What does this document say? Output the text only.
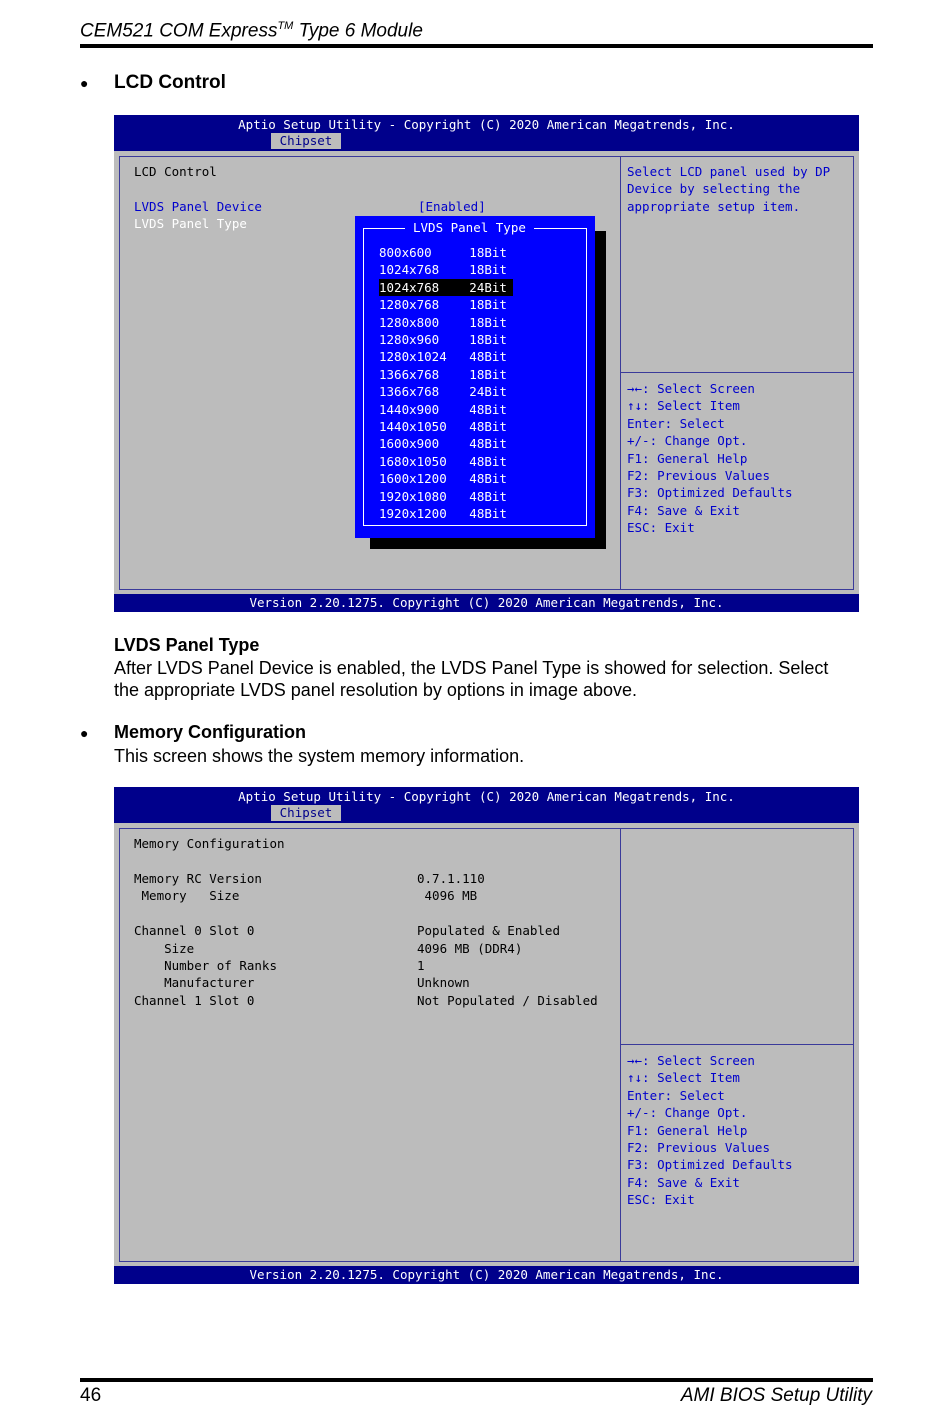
CEM521 COM Express™ Type 6 Module
● LCD Control
Aptio Setup Utility - Copyright (C) 2020 American Megatrends, Inc.
Chipset
LCD Control
LVDS Panel Device	[Enabled]
LVDS Panel Type
Select LCD panel used by DP
Device by selecting the
appropriate setup item.
→←: Select Screen
↑↓: Select Item
Enter: Select
+/-: Change Opt.
F1: General Help
F2: Previous Values
F3: Optimized Defaults
F4: Save & Exit
ESC: Exit
LVDS Panel Type
800x600     18Bit
1024x768    18Bit
1024x768    24Bit
1280x768    18Bit
1280x800    18Bit
1280x960    18Bit
1280x1024   48Bit
1366x768    18Bit
1366x768    24Bit
1440x900    48Bit
1440x1050   48Bit
1600x900    48Bit
1680x1050   48Bit
1600x1200   48Bit
1920x1080   48Bit
1920x1200   48Bit
Version 2.20.1275. Copyright (C) 2020 American Megatrends, Inc.
LVDS Panel Type
After LVDS Panel Device is enabled, the LVDS Panel Type is showed for selection. Select
the appropriate LVDS panel resolution by options in image above.
● Memory Configuration
This screen shows the system memory information.
Aptio Setup Utility - Copyright (C) 2020 American Megatrends, Inc.
Chipset
Memory Configuration
Memory RC Version	0.7.1.110
Memory   Size	4096 MB
Channel 0 Slot 0	Populated & Enabled
Size	4096 MB (DDR4)
Number of Ranks	1
Manufacturer	Unknown
Channel 1 Slot 0	Not Populated / Disabled
→←: Select Screen
↑↓: Select Item
Enter: Select
+/-: Change Opt.
F1: General Help
F2: Previous Values
F3: Optimized Defaults
F4: Save & Exit
ESC: Exit
Version 2.20.1275. Copyright (C) 2020 American Megatrends, Inc.
46	AMI BIOS Setup Utility
